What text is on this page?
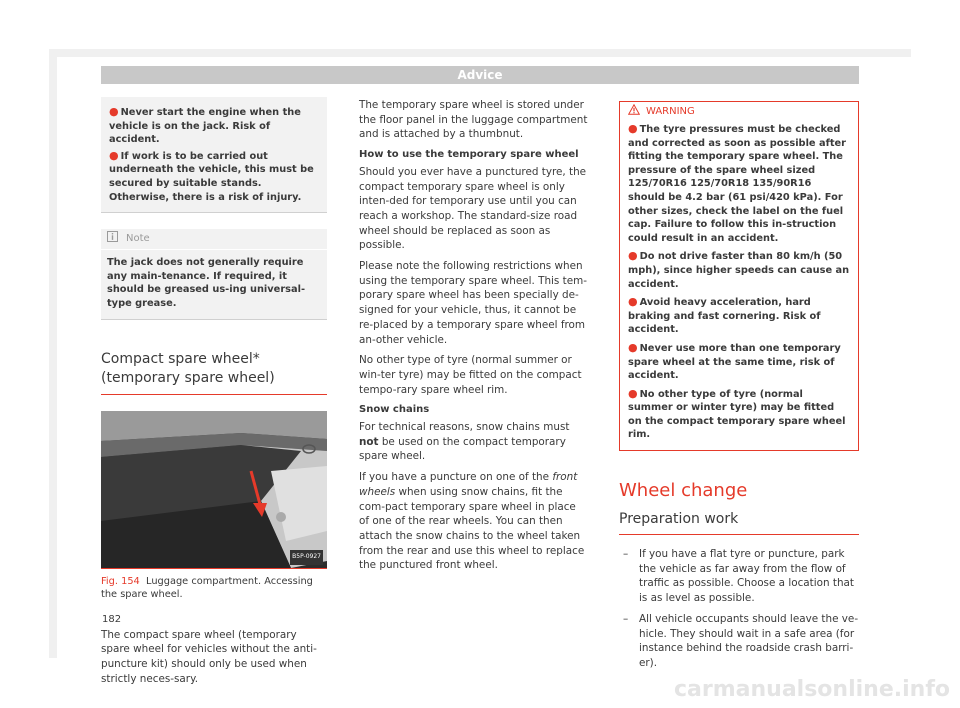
Advice
● Never start the engine when the vehicle is on the jack. Risk of accident.
● If work is to be carried out underneath the vehicle, this must be secured by suitable stands. Otherwise, there is a risk of injury.
Note
The jack does not generally require any main-tenance. If required, it should be greased us-ing universal-type grease.
Compact spare wheel* (temporary spare wheel)
B5P-0927
Fig. 154 Luggage compartment. Accessing the spare wheel.

The compact spare wheel (temporary spare wheel for vehicles without the anti-puncture kit) should only be used when strictly neces-sary.

The temporary spare wheel is stored under the floor panel in the luggage compartment and is attached by a thumbnut.

How to use the temporary spare wheel

Should you ever have a punctured tyre, the compact temporary spare wheel is only inten-ded for temporary use until you can reach a workshop. The standard-size road wheel should be replaced as soon as possible.

Please note the following restrictions when using the temporary spare wheel. This tem-porary spare wheel has been specially de-signed for your vehicle, thus, it cannot be re-placed by a temporary spare wheel from an-other vehicle.

No other type of tyre (normal summer or win-ter tyre) may be fitted on the compact tempo-rary spare wheel rim.

Snow chains

For technical reasons, snow chains must not be used on the compact temporary spare wheel.

If you have a puncture on one of the front wheels when using snow chains, fit the com-pact temporary spare wheel in place of one of the rear wheels. You can then attach the snow chains to the wheel taken from the rear and use this wheel to replace the punctured front wheel.

WARNING
● The tyre pressures must be checked and corrected as soon as possible after fitting the temporary spare wheel. The pressure of the spare wheel sized 125/70R16 125/70R18 135/90R16 should be 4.2 bar (61 psi/420 kPa). For other sizes, check the label on the fuel cap. Failure to follow this in-struction could result in an accident.
● Do not drive faster than 80 km/h (50 mph), since higher speeds can cause an accident.
● Avoid heavy acceleration, hard braking and fast cornering. Risk of accident.
● Never use more than one temporary spare wheel at the same time, risk of accident.
● No other type of tyre (normal summer or winter tyre) may be fitted on the compact temporary spare wheel rim.
Wheel change
Preparation work
– If you have a flat tyre or puncture, park the vehicle as far away from the flow of traffic as possible. Choose a location that is as level as possible.
– All vehicle occupants should leave the ve-hicle. They should wait in a safe area (for instance behind the roadside crash barri-er).
182
carmanualsonline.info
